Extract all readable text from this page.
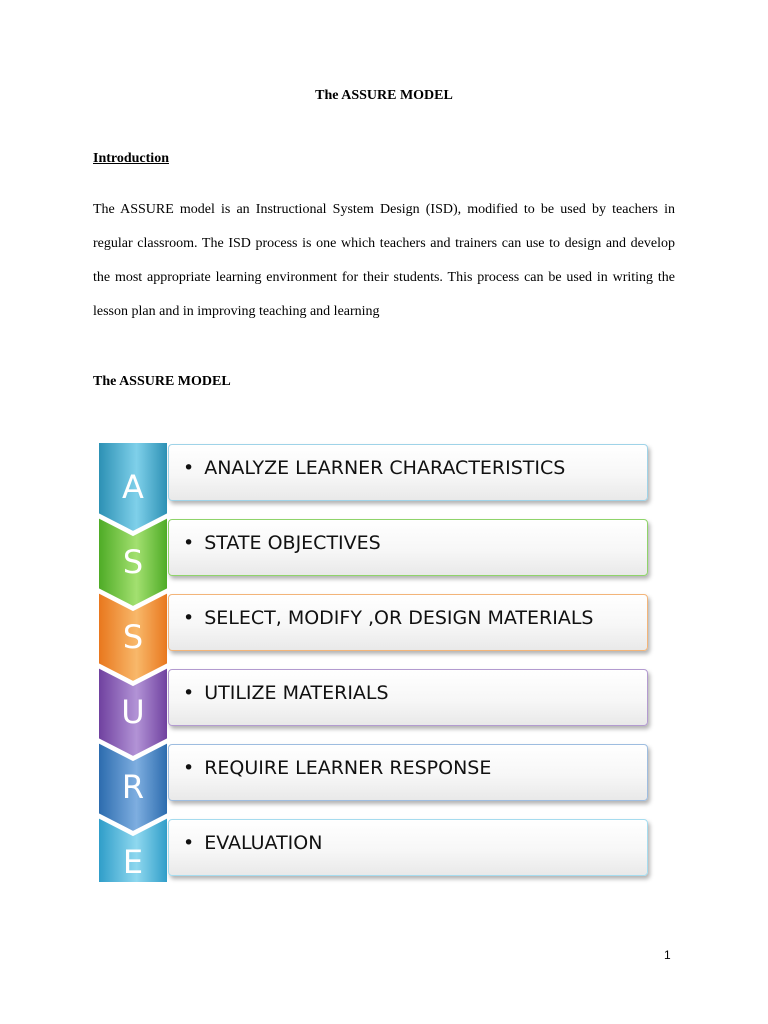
The ASSURE MODEL
Introduction

The ASSURE model is an Instructional System Design (ISD), modified to be used by teachers in regular classroom. The ISD process is one which teachers and trainers can use to design and develop the most appropriate learning environment for their students. This process can be used in writing the lesson plan and in improving teaching and learning

The ASSURE MODEL
A
S
S
U
R
E
• ANALYZE LEARNER CHARACTERISTICS
• STATE OBJECTIVES
• SELECT, MODIFY ,OR DESIGN MATERIALS
• UTILIZE MATERIALS
• REQUIRE LEARNER RESPONSE
• EVALUATION
1
